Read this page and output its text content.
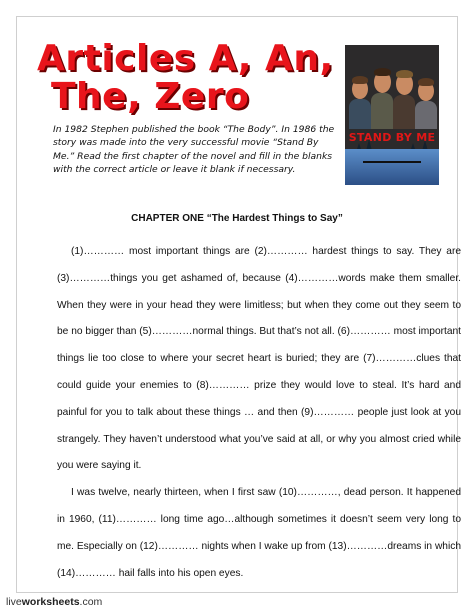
Articles A, An,
The, Zero
STAND BY ME

In 1982 Stephen published the book “The Body”. In 1986 the story was made into the very successful movie “Stand By Me.” Read the first chapter of the novel and fill in the blanks with the correct article or leave it blank if necessary.

CHAPTER ONE “The Hardest Things to Say”

(1)………… most important things are (2)………… hardest things to say. They are (3)…………things you get ashamed of, because (4)…………words make them smaller. When they were in your head they were limitless; but when they come out they seem to be no bigger than (5)…………normal things. But that’s not all. (6)………… most important things lie too close to where your secret heart is buried; they are (7)…………clues that could guide your enemies to (8)………… prize they would love to steal. It’s hard and painful for you to talk about these things … and then (9)………… people just look at you strangely. They haven’t understood what you’ve said at all, or why you almost cried while you were saying it.

I was twelve, nearly thirteen, when I first saw (10)…………, dead person. It happened in 1960, (11)………… long time ago…although sometimes it doesn’t seem very long to me. Especially on (12)………… nights when I wake up from (13)…………dreams in which (14)………… hail falls into his open eyes.

liveworksheets.com
